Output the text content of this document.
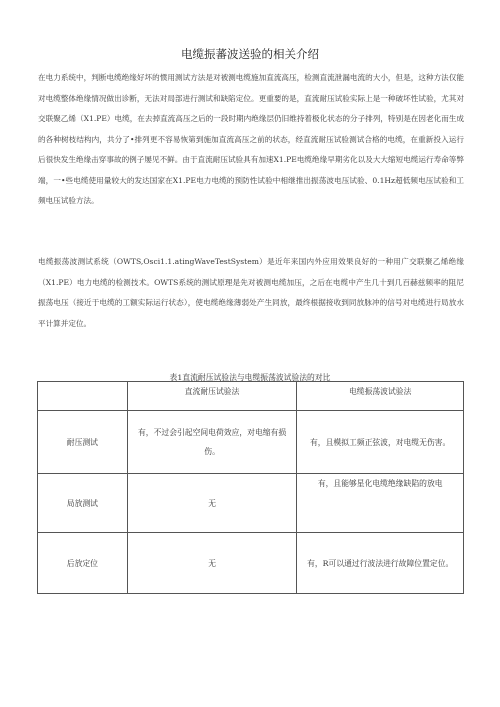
电缆振蕃波送验的相关介绍

在电力系统中，判断电缆绝缘好坏的惯用测试方法是对被测电缆施加直流高压，检测直流泄漏电流的大小，但是，这种方法仅能对电缆整体绝缘情况做出诊断，无法对局部进行测试和缺陷定位。更重要的是，直流耐压试验实际上是一种破坏性试验，尤其对交联聚乙烯（X1.PE）电缆，在去掉直流高压之后的一段时期内绝缘层仍旧维持着极化状态的分子排列，特别是在因老化而生成的各种树枝结构内，共分了•排列更不容易恢第到施加直流高压之前的状态，经直流耐压试验测试合格的电缆，在重新投入运行后很快发生绝缘击穿事故的例子屡见不鲜。由于直流耐压试验具有加速X1.PE电缆绝缘早期劣化以及大大缩短电缆运行寿命等弊端，一•些电缆使用量较大的发达国家在X1.PE电力电缆的预防性试验中相继推出振荡波电压试验、0.1Hz超低频电压试验和工频电压试验方法。

电缆振荡波测试系统（OWTS,Osci1.1.atingWaveTestSystem）是近年来国内外应用效果良好的一种用广交联聚乙烯绝缘（X1.PE）电力电缆的检测技术。OWTS系统的测试原理是先对被测电缆加压，之后在电缆中产生几十到几百赫兹频率的阻尼振荡电压（接近于电缆的工额实际运行状态），使电缆绝缘薄弱处产生同放，最终根据接收到同放脉冲的信号对电缆进行局放水平计算并定位。

表1直流耐压试验法与电缆振荡波试验法的对比
	直流耐压试验法	电缆振荡波试验法
耐压测试	有，不过会引起空间电荷效应，对电缩有损伤。	有，且模拟工频正弦波，对电缆无伤害。
局放测试	无	有，且能够星化电缆绝缘缺陷的放电
后放定位	无	有，R可以通过行波法进行故障位置定位。
